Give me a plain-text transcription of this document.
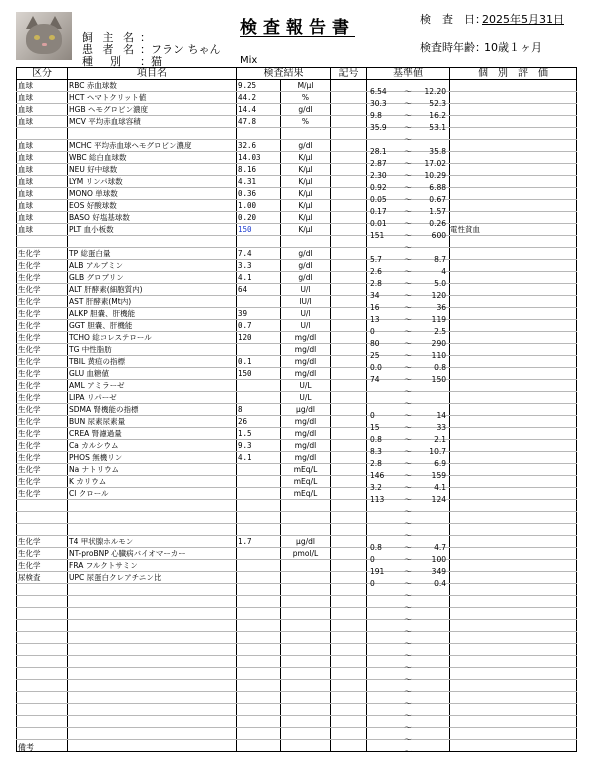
検査報告書
飼 主 名 ：
患 者 名 ：フラン ちゃん
種　別 ：猫	Mix
検　査　日：
2025年5月31日
検査時年齢：
10歳１ヶ月
区分	項目名	検査結果		記号	基準値	個　別　評　価
血球	RBC 赤血球数	9.25	M/μl		6.54 ～ 12.20	

血球	HCT ヘマトクリット値	44.2	%		30.3 ～ 52.3	

血球	HGB ヘモグロビン濃度	14.4	g/dl		9.8 ～ 16.2	

血球	MCV 平均赤血球容積	47.8	%		35.9 ～ 53.1	

					～	

血球	MCHC 平均赤血球ヘモグロビン濃度	32.6	g/dl		28.1 ～ 35.8	

血球	WBC 総白血球数	14.03	K/μl		2.87 ～ 17.02	

血球	NEU 好中球数	8.16	K/μl		2.30 ～ 10.29	

血球	LYM リンパ球数	4.31	K/μl		0.92 ～ 6.88	

血球	MONO 単球数	0.36	K/μl		0.05 ～ 0.67	

血球	EOS 好酸球数	1.00	K/μl		0.17 ～ 1.57	

血球	BASO 好塩基球数	0.20	K/μl		0.01 ～ 0.26	

血球	PLT 血小板数	150	K/μl		151 ～ 600	電性貧血

					～	

生化学	TP 総蛋白量	7.4	g/dl		5.7 ～ 8.7	

生化学	ALB アルブミン	3.3	g/dl		2.6 ～ 4	

生化学	GLB グロブリン	4.1	g/dl		2.8 ～ 5.0	

生化学	ALT 肝酵素(細胞質内)	64	U/l		34 ～ 120	

生化学	AST 肝酵素(Mt内)		IU/l		16 ～ 36	

生化学	ALKP 胆嚢、肝機能	39	U/l		13 ～ 119	

生化学	GGT 胆嚢、肝機能	0.7	U/l		0 ～ 2.5	

生化学	TCHO 総コレステロール	120	mg/dl		80 ～ 290	

生化学	TG 中性脂肪		mg/dl		25 ～ 110	

生化学	TBIL 黄疸の指標	0.1	mg/dl		0.0 ～ 0.8	

生化学	GLU 血糖値	150	mg/dl		74 ～ 150	

生化学	AML アミラーゼ		U/L		～	

生化学	LIPA リパーゼ		U/L		～	

生化学	SDMA 腎機能の指標	8	μg/dl		0 ～ 14	

生化学	BUN 尿素尿素量	26	mg/dl		15 ～ 33	

生化学	CREA 腎濾過量	1.5	mg/dl		0.8 ～ 2.1	

生化学	Ca カルシウム	9.3	mg/dl		8.3 ～ 10.7	

生化学	PHOS 無機リン	4.1	mg/dl		2.8 ～ 6.9	

生化学	Na ナトリウム		mEq/L		146 ～ 159	

生化学	K カリウム		mEq/L		3.2 ～ 4.1	

生化学	Cl クロール		mEq/L		113 ～ 124	

					～	

					～	

					～	

生化学	T4 甲状腺ホルモン	1.7	μg/dl		0.8 ～ 4.7	

生化学	NT-proBNP 心臓病バイオマーカー		pmol/L		0 ～ 100	

生化学	FRA フルクトサミン				191 ～ 349	

尿検査	UPC 尿蛋白クレアチニン比				0 ～ 0.4	

					～	

					～	

					～	

					～	

					～	

					～	

					～	

					～	

					～	

					～	

					～	

					～	

					～	

					～	

備考
